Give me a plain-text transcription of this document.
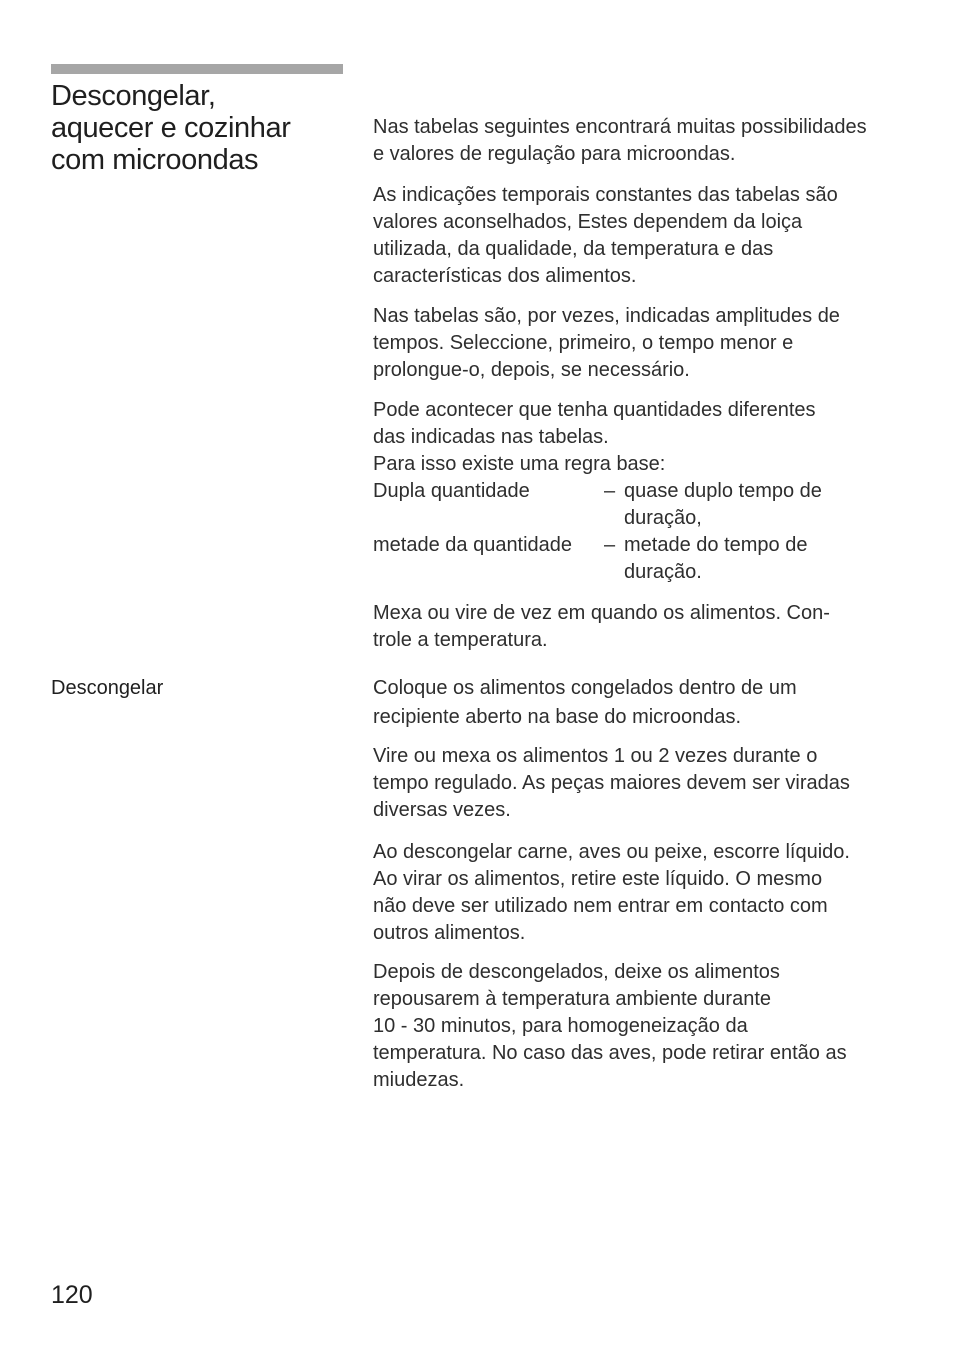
Descongelar,
aquecer e cozinhar
com microondas
Nas tabelas seguintes encontrará muitas possibilidades
e valores de regulação para microondas.
As indicações temporais constantes das tabelas são
valores aconselhados, Estes dependem da loiça
utilizada, da qualidade, da temperatura e das
características dos alimentos.
Nas tabelas são, por vezes, indicadas amplitudes de
tempos. Seleccione, primeiro, o tempo menor e
prolongue-o, depois, se necessário.
Pode acontecer que tenha quantidades diferentes
das indicadas nas tabelas.
Para isso existe uma regra base:
Dupla quantidade	– quase duplo tempo de
duração,
metade da quantidade	– metade do tempo de
duração.
Mexa ou vire de vez em quando os alimentos. Con-
trole a temperatura.
Descongelar	Coloque os alimentos congelados dentro de um
recipiente aberto na base do microondas.
Vire ou mexa os alimentos 1 ou 2 vezes durante o
tempo regulado. As peças maiores devem ser viradas
diversas vezes.
Ao descongelar carne, aves ou peixe, escorre líquido.
Ao virar os alimentos, retire este líquido. O mesmo
não deve ser utilizado nem entrar em contacto com
outros alimentos.
Depois de descongelados, deixe os alimentos
repousarem à temperatura ambiente durante
10 - 30 minutos, para homogeneização da
temperatura. No caso das aves, pode retirar então as
miudezas.
120
